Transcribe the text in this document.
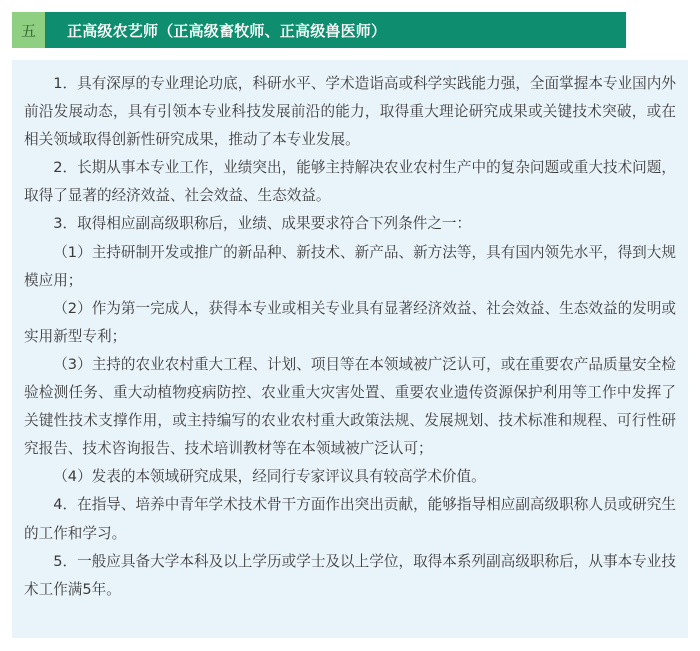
五	正高级农艺师（正高级畜牧师、正高级兽医师）

1．具有深厚的专业理论功底，科研水平、学术造诣高或科学实践能力强，全面掌握本专业国内外前沿发展动态，具有引领本专业科技发展前沿的能力，取得重大理论研究成果或关键技术突破，或在相关领域取得创新性研究成果，推动了本专业发展。

2．长期从事本专业工作，业绩突出，能够主持解决农业农村生产中的复杂问题或重大技术问题，取得了显著的经济效益、社会效益、生态效益。

3．取得相应副高级职称后，业绩、成果要求符合下列条件之一：

（1）主持研制开发或推广的新品种、新技术、新产品、新方法等，具有国内领先水平，得到大规模应用；

（2）作为第一完成人，获得本专业或相关专业具有显著经济效益、社会效益、生态效益的发明或实用新型专利；

（3）主持的农业农村重大工程、计划、项目等在本领域被广泛认可，或在重要农产品质量安全检验检测任务、重大动植物疫病防控、农业重大灾害处置、重要农业遗传资源保护利用等工作中发挥了关键性技术支撑作用，或主持编写的农业农村重大政策法规、发展规划、技术标准和规程、可行性研究报告、技术咨询报告、技术培训教材等在本领域被广泛认可；

（4）发表的本领域研究成果，经同行专家评议具有较高学术价值。

4．在指导、培养中青年学术技术骨干方面作出突出贡献，能够指导相应副高级职称人员或研究生的工作和学习。

5．一般应具备大学本科及以上学历或学士及以上学位，取得本系列副高级职称后，从事本专业技术工作满5年。
